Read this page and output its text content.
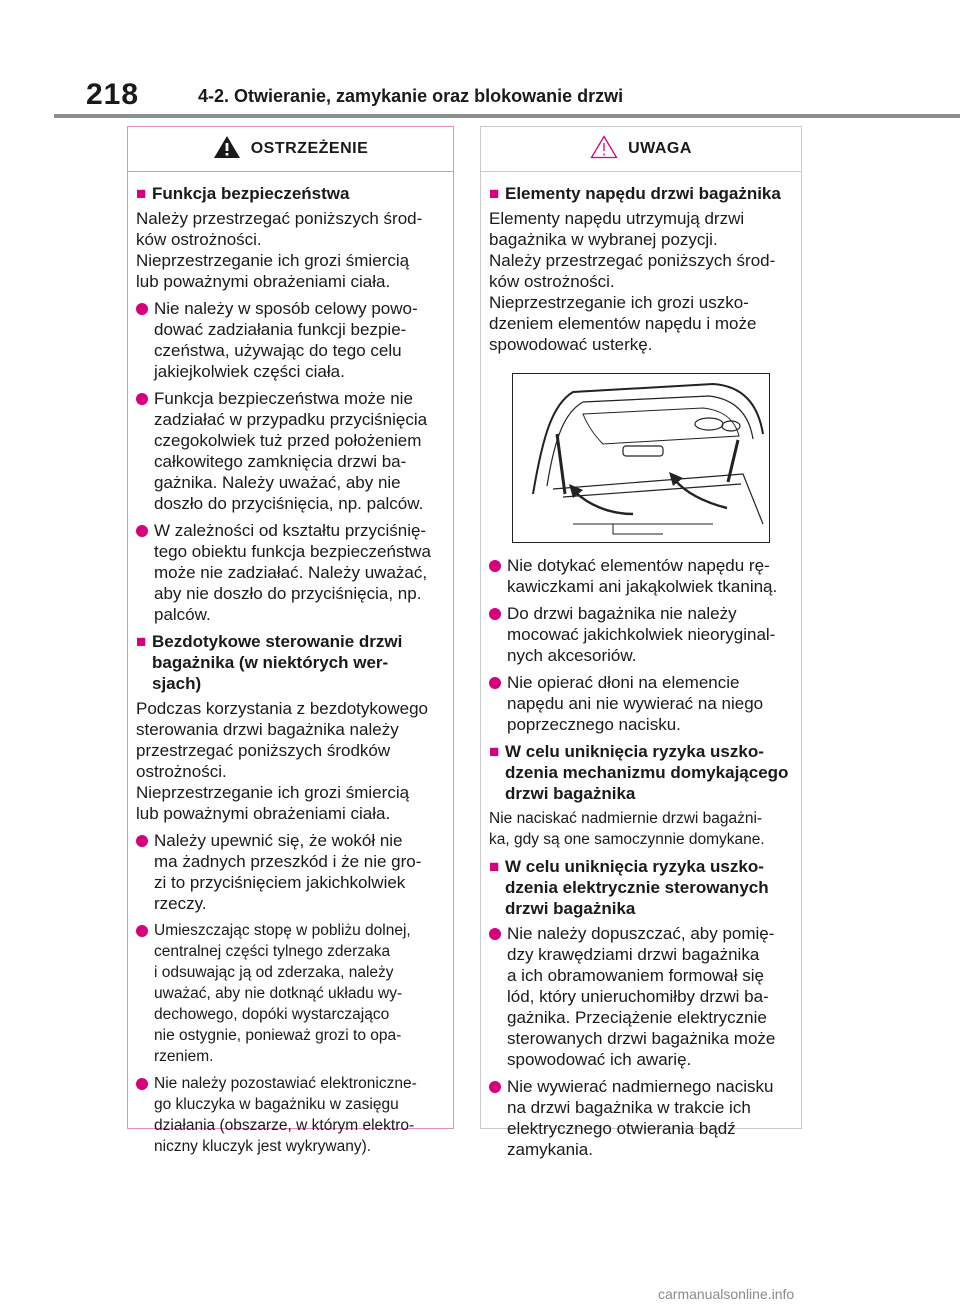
218	4-2. Otwieranie, zamykanie oraz blokowanie drzwi
OSTRZEŻENIE
■ Funkcja bezpieczeństwa
Należy przestrzegać poniższych środ-
ków ostrożności.
Nieprzestrzeganie ich grozi śmiercią
lub poważnymi obrażeniami ciała.
Nie należy w sposób celowy powo-
dować zadziałania funkcji bezpie-
czeństwa, używając do tego celu
jakiejkolwiek części ciała.
Funkcja bezpieczeństwa może nie
zadziałać w przypadku przyciśnięcia
czegokolwiek tuż przed położeniem
całkowitego zamknięcia drzwi ba-
gażnika. Należy uważać, aby nie
doszło do przyciśnięcia, np. palców.
W zależności od kształtu przyciśnię-
tego obiektu funkcja bezpieczeństwa
może nie zadziałać. Należy uważać,
aby nie doszło do przyciśnięcia, np.
palców.
■ Bezdotykowe sterowanie drzwi
bagażnika (w niektórych wer-
sjach)
Podczas korzystania z bezdotykowego
sterowania drzwi bagażnika należy
przestrzegać poniższych środków
ostrożności.
Nieprzestrzeganie ich grozi śmiercią
lub poważnymi obrażeniami ciała.
Należy upewnić się, że wokół nie
ma żadnych przeszkód i że nie gro-
zi to przyciśnięciem jakichkolwiek
rzeczy.
Umieszczając stopę w pobliżu dolnej,
centralnej części tylnego zderzaka
i odsuwając ją od zderzaka, należy
uważać, aby nie dotknąć układu wy-
dechowego, dopóki wystarczająco
nie ostygnie, ponieważ grozi to opa-
rzeniem.
Nie należy pozostawiać elektroniczne-
go kluczyka w bagażniku w zasięgu
działania (obszarze, w którym elektro-
niczny kluczyk jest wykrywany).
UWAGA
■ Elementy napędu drzwi bagażnika
Elementy napędu utrzymują drzwi
bagażnika w wybranej pozycji.
Należy przestrzegać poniższych środ-
ków ostrożności.
Nieprzestrzeganie ich grozi uszko-
dzeniem elementów napędu i może
spowodować usterkę.
Nie dotykać elementów napędu rę-
kawiczkami ani jakąkolwiek tkaniną.
Do drzwi bagażnika nie należy
mocować jakichkolwiek nieoryginal-
nych akcesoriów.
Nie opierać dłoni na elemencie
napędu ani nie wywierać na niego
poprzecznego nacisku.
■ W celu uniknięcia ryzyka uszko-
dzenia mechanizmu domykającego
drzwi bagażnika
Nie naciskać nadmiernie drzwi bagażni-
ka, gdy są one samoczynnie domykane.
■ W celu uniknięcia ryzyka uszko-
dzenia elektrycznie sterowanych
drzwi bagażnika
Nie należy dopuszczać, aby pomię-
dzy krawędziami drzwi bagażnika
a ich obramowaniem formował się
lód, który unieruchomiłby drzwi ba-
gażnika. Przeciążenie elektrycznie
sterowanych drzwi bagażnika może
spowodować ich awarię.
Nie wywierać nadmiernego nacisku
na drzwi bagażnika w trakcie ich
elektrycznego otwierania bądź
zamykania.
carmanualsonline.info
